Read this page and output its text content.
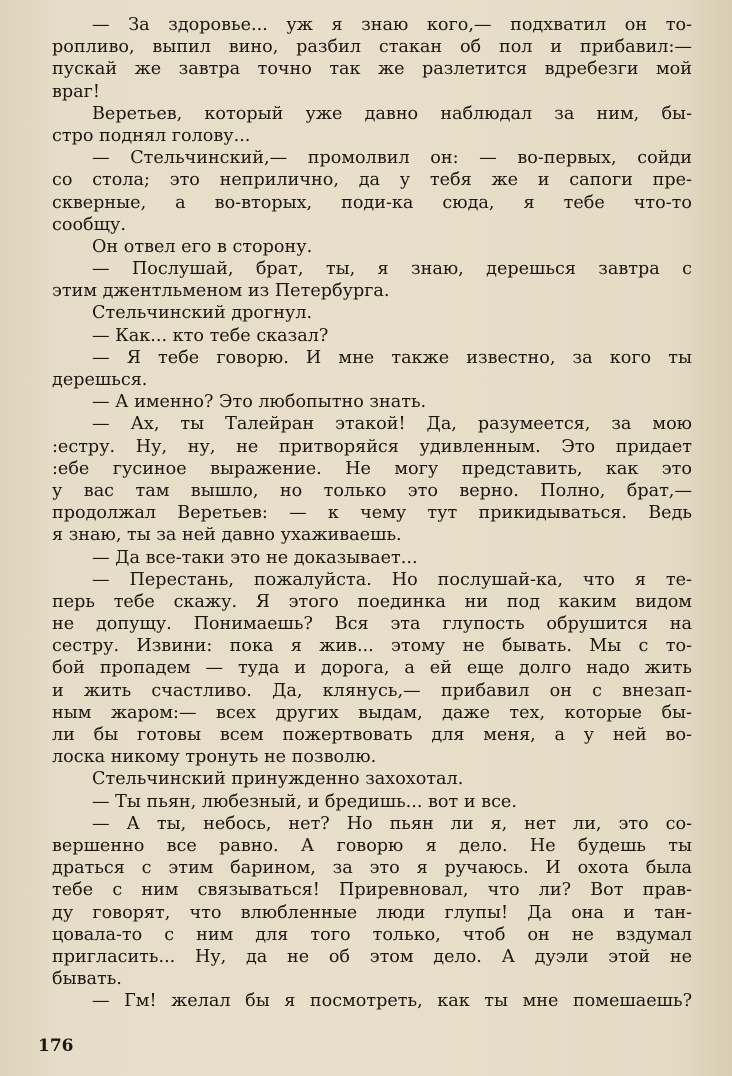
— За здоровье... уж я знаю кого,— подхватил он то-
ропливо, выпил вино, разбил стакан об пол и прибавил:—
пускай же завтра точно так же разлетится вдребезги мой
враг!
Веретьев, который уже давно наблюдал за ним, бы-
стро поднял голову...
— Стельчинский,— промолвил он: — во-первых, сойди
со стола; это неприлично, да у тебя же и сапоги пре-
скверные, а во-вторых, поди-ка сюда, я тебе что-то
сообщу.
Он отвел его в сторону.
— Послушай, брат, ты, я знаю, дерешься завтра с
этим джентльменом из Петербурга.
Стельчинский дрогнул.
— Как... кто тебе сказал?
— Я тебе говорю. И мне также известно, за кого ты
дерешься.
— А именно? Это любопытно знать.
— Ах, ты Талейран этакой! Да, разумеется, за мою
:естру. Ну, ну, не притворяйся удивленным. Это придает
:ебе гусиное выражение. Не могу представить, как это
у вас там вышло, но только это верно. Полно, брат,—
продолжал Веретьев: — к чему тут прикидываться. Ведь
я знаю, ты за ней давно ухаживаешь.
— Да все-таки это не доказывает...
— Перестань, пожалуйста. Но послушай-ка, что я те-
перь тебе скажу. Я этого поединка ни под каким видом
не допущу. Понимаешь? Вся эта глупость обрушится на
сестру. Извини: пока я жив... этому не бывать. Мы с то-
бой пропадем — туда и дорога, а ей еще долго надо жить
и жить счастливо. Да, клянусь,— прибавил он с внезап-
ным жаром:— всех других выдам, даже тех, которые бы-
ли бы готовы всем пожертвовать для меня, а у ней во-
лоска никому тронуть не позволю.
Стельчинский принужденно захохотал.
— Ты пьян, любезный, и бредишь... вот и все.
— А ты, небось, нет? Но пьян ли я, нет ли, это со-
вершенно все равно. А говорю я дело. Не будешь ты
драться с этим барином, за это я ручаюсь. И охота была
тебе с ним связываться! Приревновал, что ли? Вот прав-
ду говорят, что влюбленные люди глупы! Да она и тан-
цовала-то с ним для того только, чтоб он не вздумал
пригласить... Ну, да не об этом дело. А дуэли этой не
бывать.
— Гм! желал бы я посмотреть, как ты мне помешаешь?
176
